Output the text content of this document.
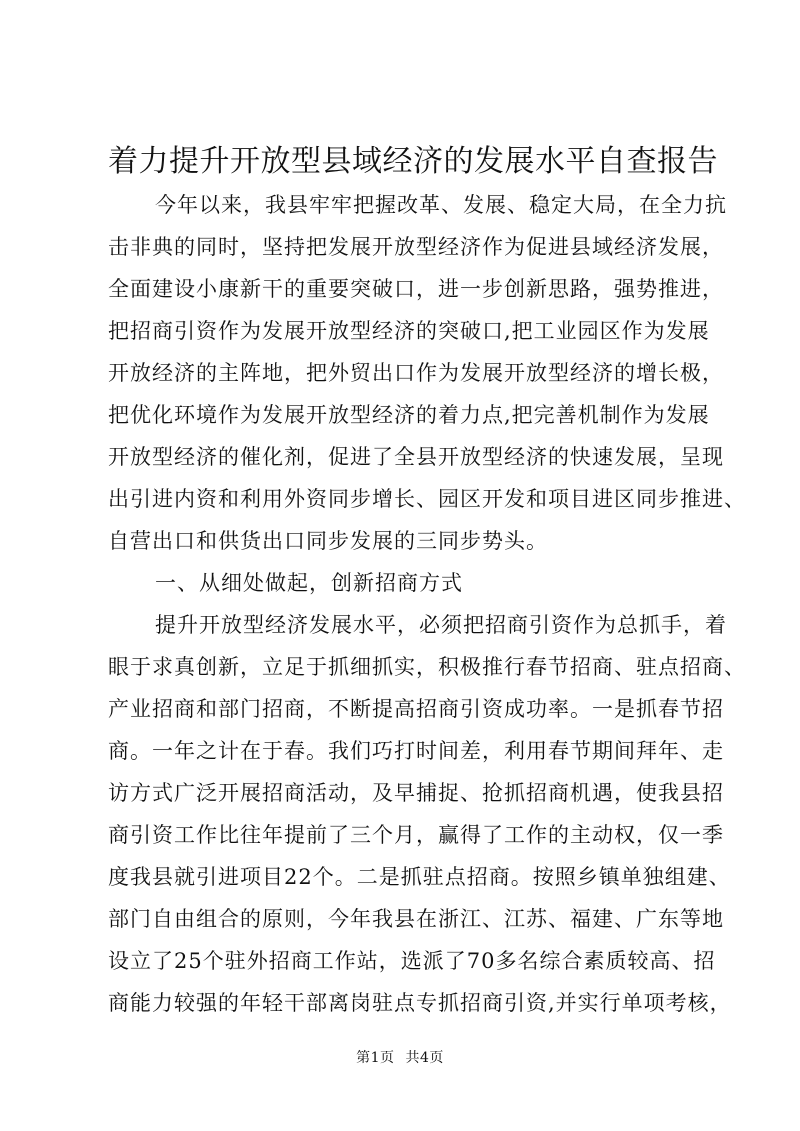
着力提升开放型县域经济的发展水平自查报告
今年以来，我县牢牢把握改革、发展、稳定大局，在全力抗
击非典的同时，坚持把发展开放型经济作为促进县域经济发展，
全面建设小康新干的重要突破口，进一步创新思路，强势推进，
把招商引资作为发展开放型经济的突破口,把工业园区作为发展
开放经济的主阵地，把外贸出口作为发展开放型经济的增长极，
把优化环境作为发展开放型经济的着力点,把完善机制作为发展
开放型经济的催化剂，促进了全县开放型经济的快速发展，呈现
出引进内资和利用外资同步增长、园区开发和项目进区同步推进、
自营出口和供货出口同步发展的三同步势头。
一、从细处做起，创新招商方式
提升开放型经济发展水平，必须把招商引资作为总抓手，着
眼于求真创新，立足于抓细抓实，积极推行春节招商、驻点招商、
产业招商和部门招商，不断提高招商引资成功率。一是抓春节招
商。一年之计在于春。我们巧打时间差，利用春节期间拜年、走
访方式广泛开展招商活动，及早捕捉、抢抓招商机遇，使我县招
商引资工作比往年提前了三个月，赢得了工作的主动权，仅一季
度我县就引进项目22个。二是抓驻点招商。按照乡镇单独组建、
部门自由组合的原则，今年我县在浙江、江苏、福建、广东等地
设立了25个驻外招商工作站，选派了70多名综合素质较高、招
商能力较强的年轻干部离岗驻点专抓招商引资,并实行单项考核，
第1页 共4页
